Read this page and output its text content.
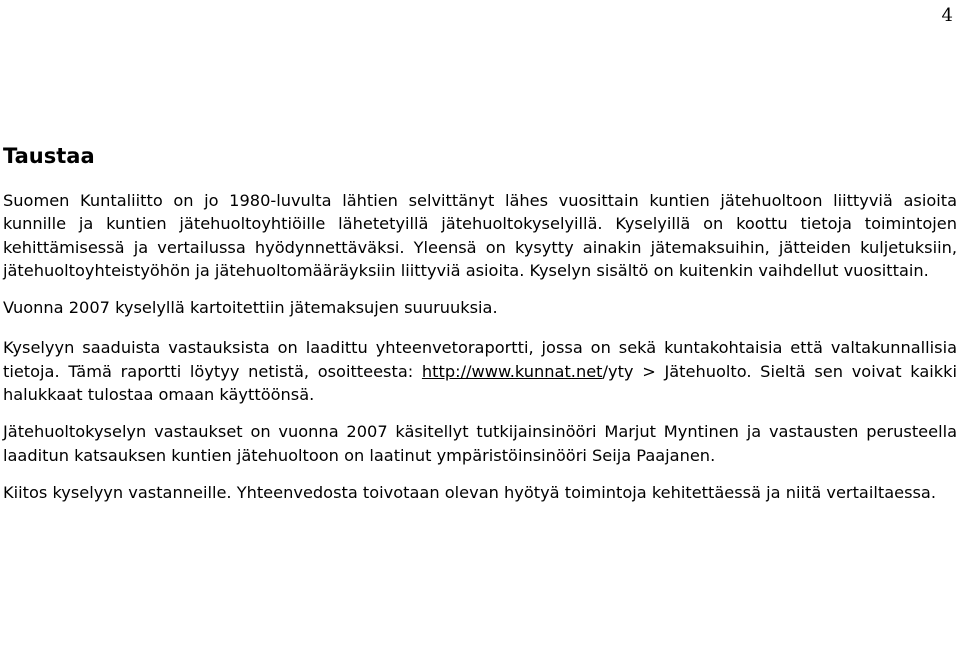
4

Taustaa

Suomen Kuntaliitto on jo 1980-luvulta lähtien selvittänyt lähes vuosittain kuntien jätehuoltoon liittyviä asioita kunnille ja kuntien jätehuoltoyhtiöille lähetetyillä jätehuoltokyselyillä. Kyselyillä on koottu tietoja toimintojen kehittämisessä ja vertailussa hyödynnettäväksi. Yleensä on kysytty ainakin jätemaksuihin, jätteiden kuljetuksiin, jätehuoltoyhteistyöhön ja jätehuoltomääräyksiin liittyviä asioita. Kyselyn sisältö on kuitenkin vaihdellut vuosittain.

Vuonna 2007 kyselyllä kartoitettiin jätemaksujen suuruuksia.

Kyselyyn saaduista vastauksista on laadittu yhteenvetoraportti, jossa on sekä kuntakohtaisia että valtakunnallisia tietoja. Tämä raportti löytyy netistä, osoitteesta: http://www.kunnat.net/yty > Jätehuolto. Sieltä sen voivat kaikki halukkaat tulostaa omaan käyttöönsä.

Jätehuoltokyselyn vastaukset on vuonna 2007 käsitellyt tutkijainsinööri Marjut Myntinen ja vastausten perusteella laaditun katsauksen kuntien jätehuoltoon on laatinut ympäristöinsinööri Seija Paajanen.

Kiitos kyselyyn vastanneille. Yhteenvedosta toivotaan olevan hyötyä toimintoja kehitettäessä ja niitä vertailtaessa.
